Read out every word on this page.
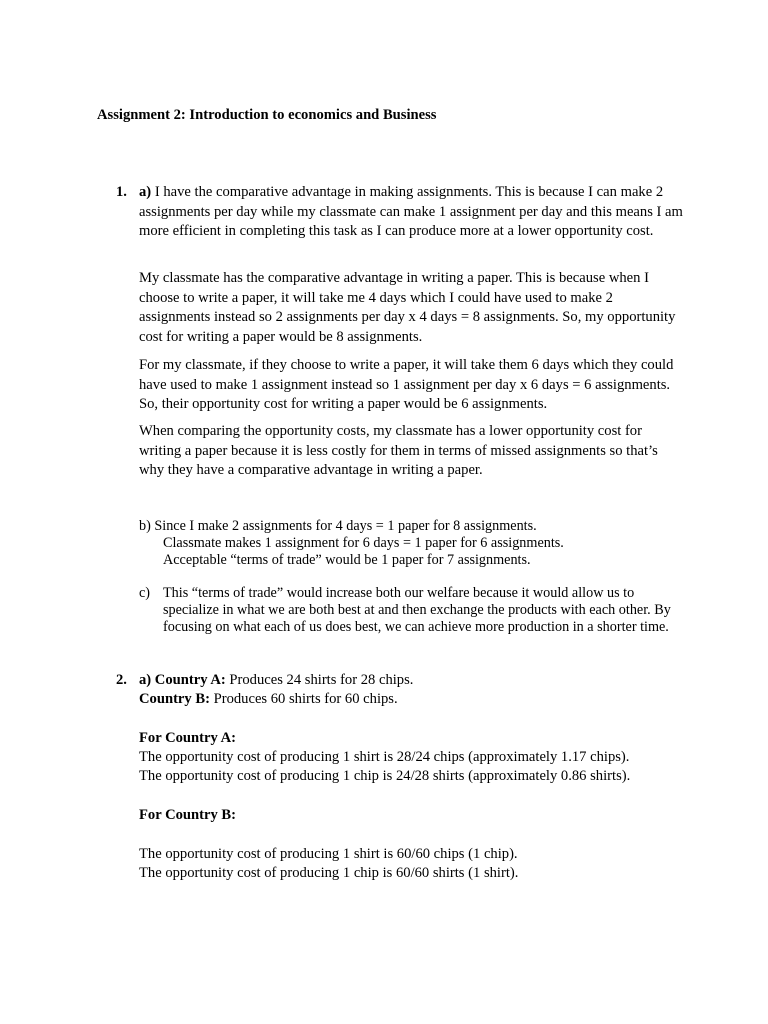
Assignment 2: Introduction to economics and Business
1. a) I have the comparative advantage in making assignments. This is because I can make 2 assignments per day while my classmate can make 1 assignment per day and this means I am more efficient in completing this task as I can produce more at a lower opportunity cost.

My classmate has the comparative advantage in writing a paper. This is because when I choose to write a paper, it will take me 4 days which I could have used to make 2 assignments instead so 2 assignments per day x 4 days = 8 assignments. So, my opportunity cost for writing a paper would be 8 assignments.

For my classmate, if they choose to write a paper, it will take them 6 days which they could have used to make 1 assignment instead so 1 assignment per day x 6 days = 6 assignments. So, their opportunity cost for writing a paper would be 6 assignments.

When comparing the opportunity costs, my classmate has a lower opportunity cost for writing a paper because it is less costly for them in terms of missed assignments so that’s why they have a comparative advantage in writing a paper.

b) Since I make 2 assignments for 4 days = 1 paper for 8 assignments.
Classmate makes 1 assignment for 6 days = 1 paper for 6 assignments.
Acceptable “terms of trade” would be 1 paper for 7 assignments.
c) This “terms of trade” would increase both our welfare because it would allow us to specialize in what we are both best at and then exchange the products with each other. By focusing on what each of us does best, we can achieve more production in a shorter time.
2. a) Country A: Produces 24 shirts for 28 chips.
Country B: Produces 60 shirts for 60 chips.
For Country A:
The opportunity cost of producing 1 shirt is 28/24 chips (approximately 1.17 chips).
The opportunity cost of producing 1 chip is 24/28 shirts (approximately 0.86 shirts).
For Country B:
The opportunity cost of producing 1 shirt is 60/60 chips (1 chip).
The opportunity cost of producing 1 chip is 60/60 shirts (1 shirt).
